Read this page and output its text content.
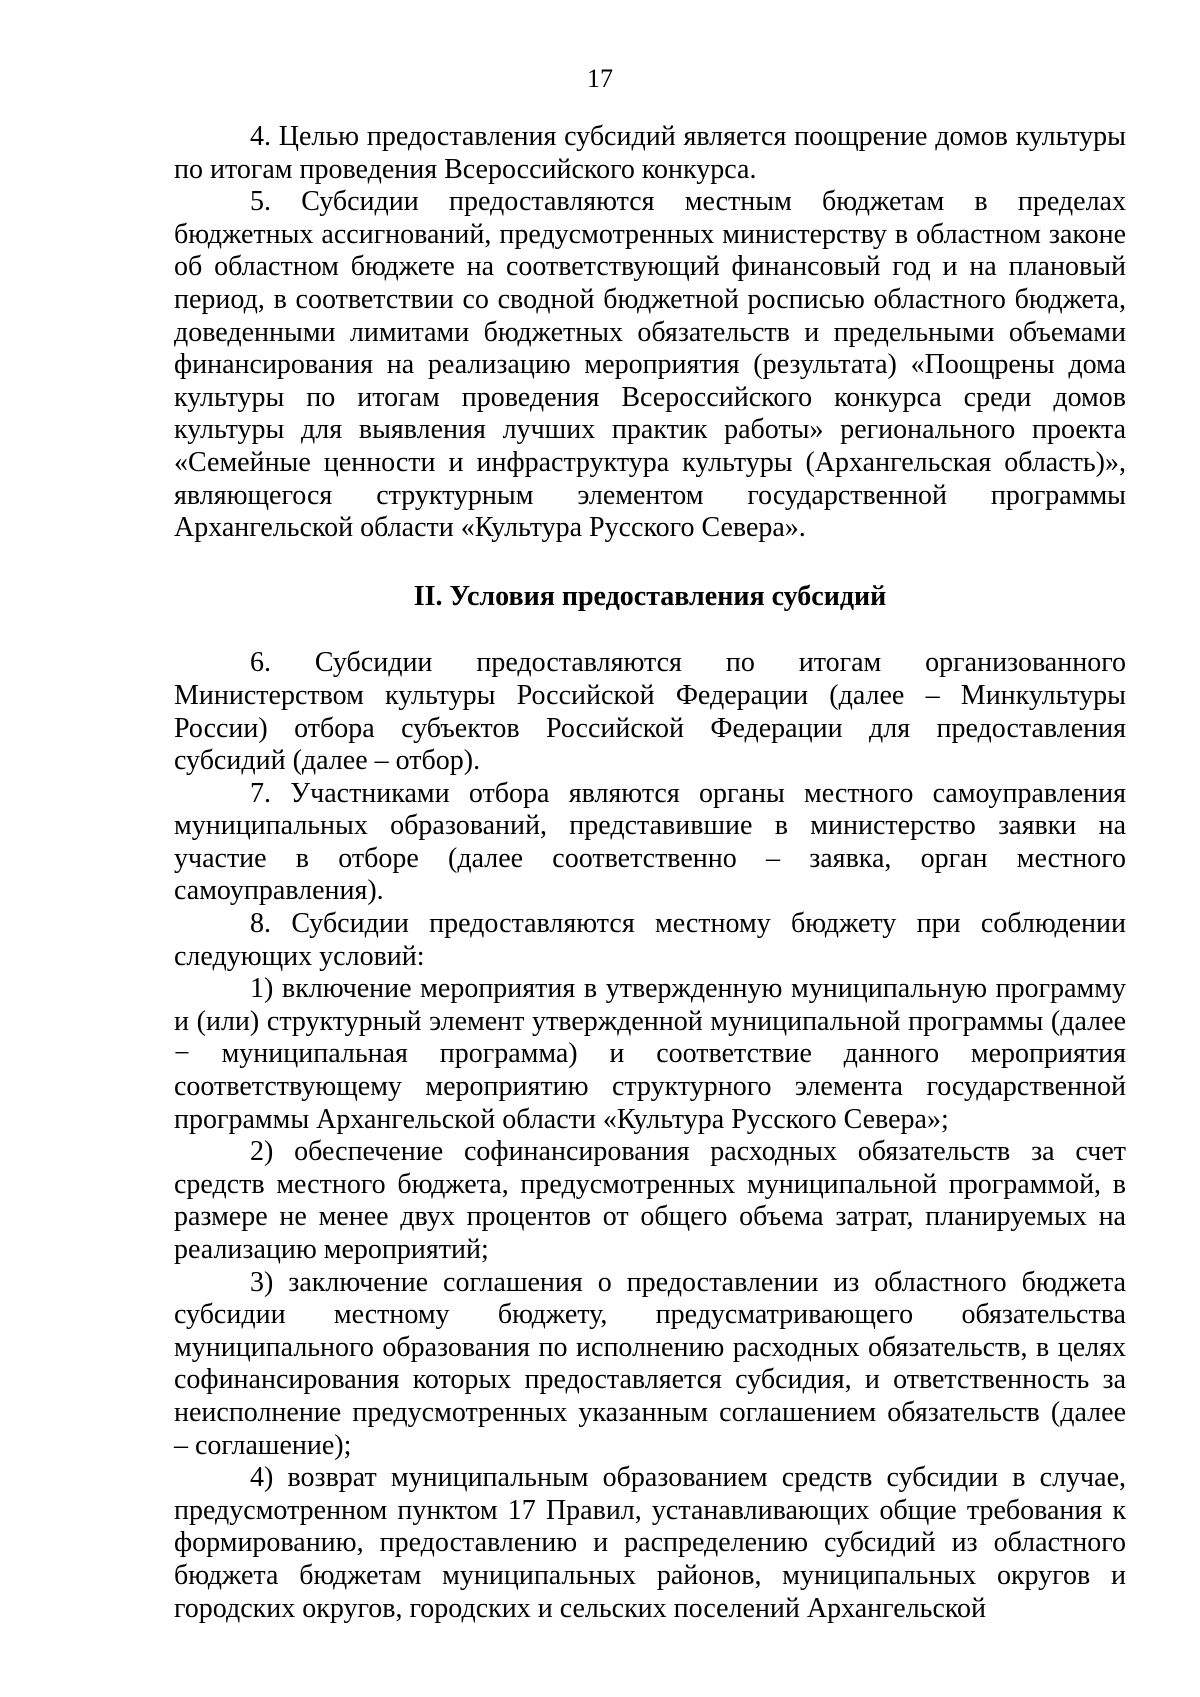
17

4. Целью предоставления субсидий является поощрение домов культуры по итогам проведения Всероссийского конкурса.

5. Субсидии предоставляются местным бюджетам в пределах бюджетных ассигнований, предусмотренных министерству в областном законе об областном бюджете на соответствующий финансовый год и на плановый период, в соответствии со сводной бюджетной росписью областного бюджета, доведенными лимитами бюджетных обязательств и предельными объемами финансирования на реализацию мероприятия (результата) «Поощрены дома культуры по итогам проведения Всероссийского конкурса среди домов культуры для выявления лучших практик работы» регионального проекта «Семейные ценности и инфраструктура культуры (Архангельская область)», являющегося структурным элементом государственной программы Архангельской области «Культура Русского Севера».

II. Условия предоставления субсидий

6. Субсидии предоставляются по итогам организованного Министерством культуры Российской Федерации (далее – Минкультуры России) отбора субъектов Российской Федерации для предоставления субсидий (далее – отбор).

7. Участниками отбора являются органы местного самоуправления муниципальных образований, представившие в министерство заявки на участие в отборе (далее соответственно – заявка, орган местного самоуправления).

8. Субсидии предоставляются местному бюджету при соблюдении следующих условий:

1) включение мероприятия в утвержденную муниципальную программу и (или) структурный элемент утвержденной муниципальной программы (далее − муниципальная программа) и соответствие данного мероприятия соответствующему мероприятию структурного элемента государственной программы Архангельской области «Культура Русского Севера»;

2) обеспечение софинансирования расходных обязательств за счет средств местного бюджета, предусмотренных муниципальной программой, в размере не менее двух процентов от общего объема затрат, планируемых на реализацию мероприятий;

3) заключение соглашения о предоставлении из областного бюджета субсидии местному бюджету, предусматривающего обязательства муниципального образования по исполнению расходных обязательств, в целях софинансирования которых предоставляется субсидия, и ответственность за неисполнение предусмотренных указанным соглашением обязательств (далее – соглашение);

4) возврат муниципальным образованием средств субсидии в случае, предусмотренном пунктом 17 Правил, устанавливающих общие требования к формированию, предоставлению и распределению субсидий из областного бюджета бюджетам муниципальных районов, муниципальных округов и городских округов, городских и сельских поселений Архангельской
